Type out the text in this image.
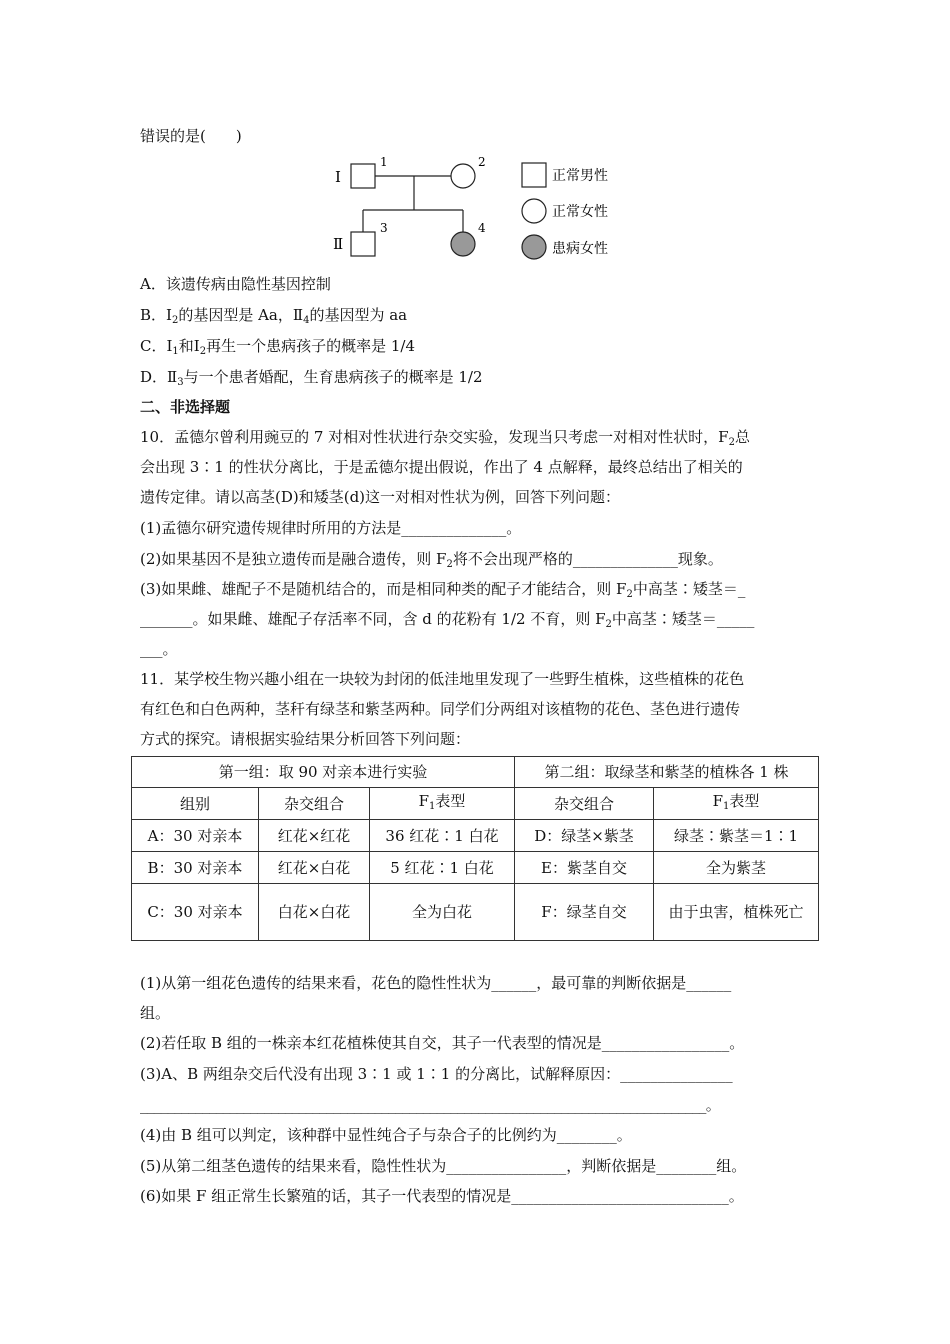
错误的是(　　)
Ⅰ
Ⅱ
1	2
3	4
正常男性
正常女性
患病女性
A．该遗传病由隐性基因控制
B．$Ⅰ_2$的基因型是 Aa，$Ⅱ_4$的基因型为 aa
C．$Ⅰ_1$和$Ⅰ_2$再生一个患病孩子的概率是 1/4
D．$Ⅱ_3$与一个患者婚配，生育患病孩子的概率是 1/2
二、非选择题
10．孟德尔曾利用豌豆的 7 对相对性状进行杂交实验，发现当只考虑一对相对性状时，$F_2$总
会出现 3∶1 的性状分离比，于是孟德尔提出假说，作出了 4 点解释，最终总结出了相关的
遗传定律。请以高茎(D)和矮茎(d)这一对相对性状为例，回答下列问题：
(1)孟德尔研究遗传规律时所用的方法是______________。
(2)如果基因不是独立遗传而是融合遗传，则 $F_2$将不会出现严格的______________现象。
(3)如果雌、雄配子不是随机结合的，而是相同种类的配子才能结合，则 $F_2$中高茎∶矮茎＝_
_______。如果雌、雄配子存活率不同，含 d 的花粉有 1/2 不育，则 $F_2$中高茎∶矮茎＝_____
___。
11．某学校生物兴趣小组在一块较为封闭的低洼地里发现了一些野生植株，这些植株的花色
有红色和白色两种，茎秆有绿茎和紫茎两种。同学们分两组对该植物的花色、茎色进行遗传
方式的探究。请根据实验结果分析回答下列问题：
第一组：取 90 对亲本进行实验			第二组：取绿茎和紫茎的植株各 1 株	
组别	杂交组合	$F_1$表型	杂交组合	$F_1$表型
A：30 对亲本	红花×红花	36 红花∶1 白花	D：绿茎×紫茎	绿茎∶紫茎＝1∶1
B：30 对亲本	红花×白花	5 红花∶1 白花	E：紫茎自交	全为紫茎
C：30 对亲本	白花×白花	全为白花	F：绿茎自交	由于虫害，植株死亡
(1)从第一组花色遗传的结果来看，花色的隐性性状为______，最可靠的判断依据是______
组。
(2)若任取 B 组的一株亲本红花植株使其自交，其子一代表型的情况是_________________。
(3)A、B 两组杂交后代没有出现 3∶1 或 1∶1 的分离比，试解释原因：_______________
__________________________________________________________________________________。
(4)由 B 组可以判定，该种群中显性纯合子与杂合子的比例约为________。
(5)从第二组茎色遗传的结果来看，隐性性状为________________，判断依据是________组。
(6)如果 F 组正常生长繁殖的话，其子一代表型的情况是_____________________________。
